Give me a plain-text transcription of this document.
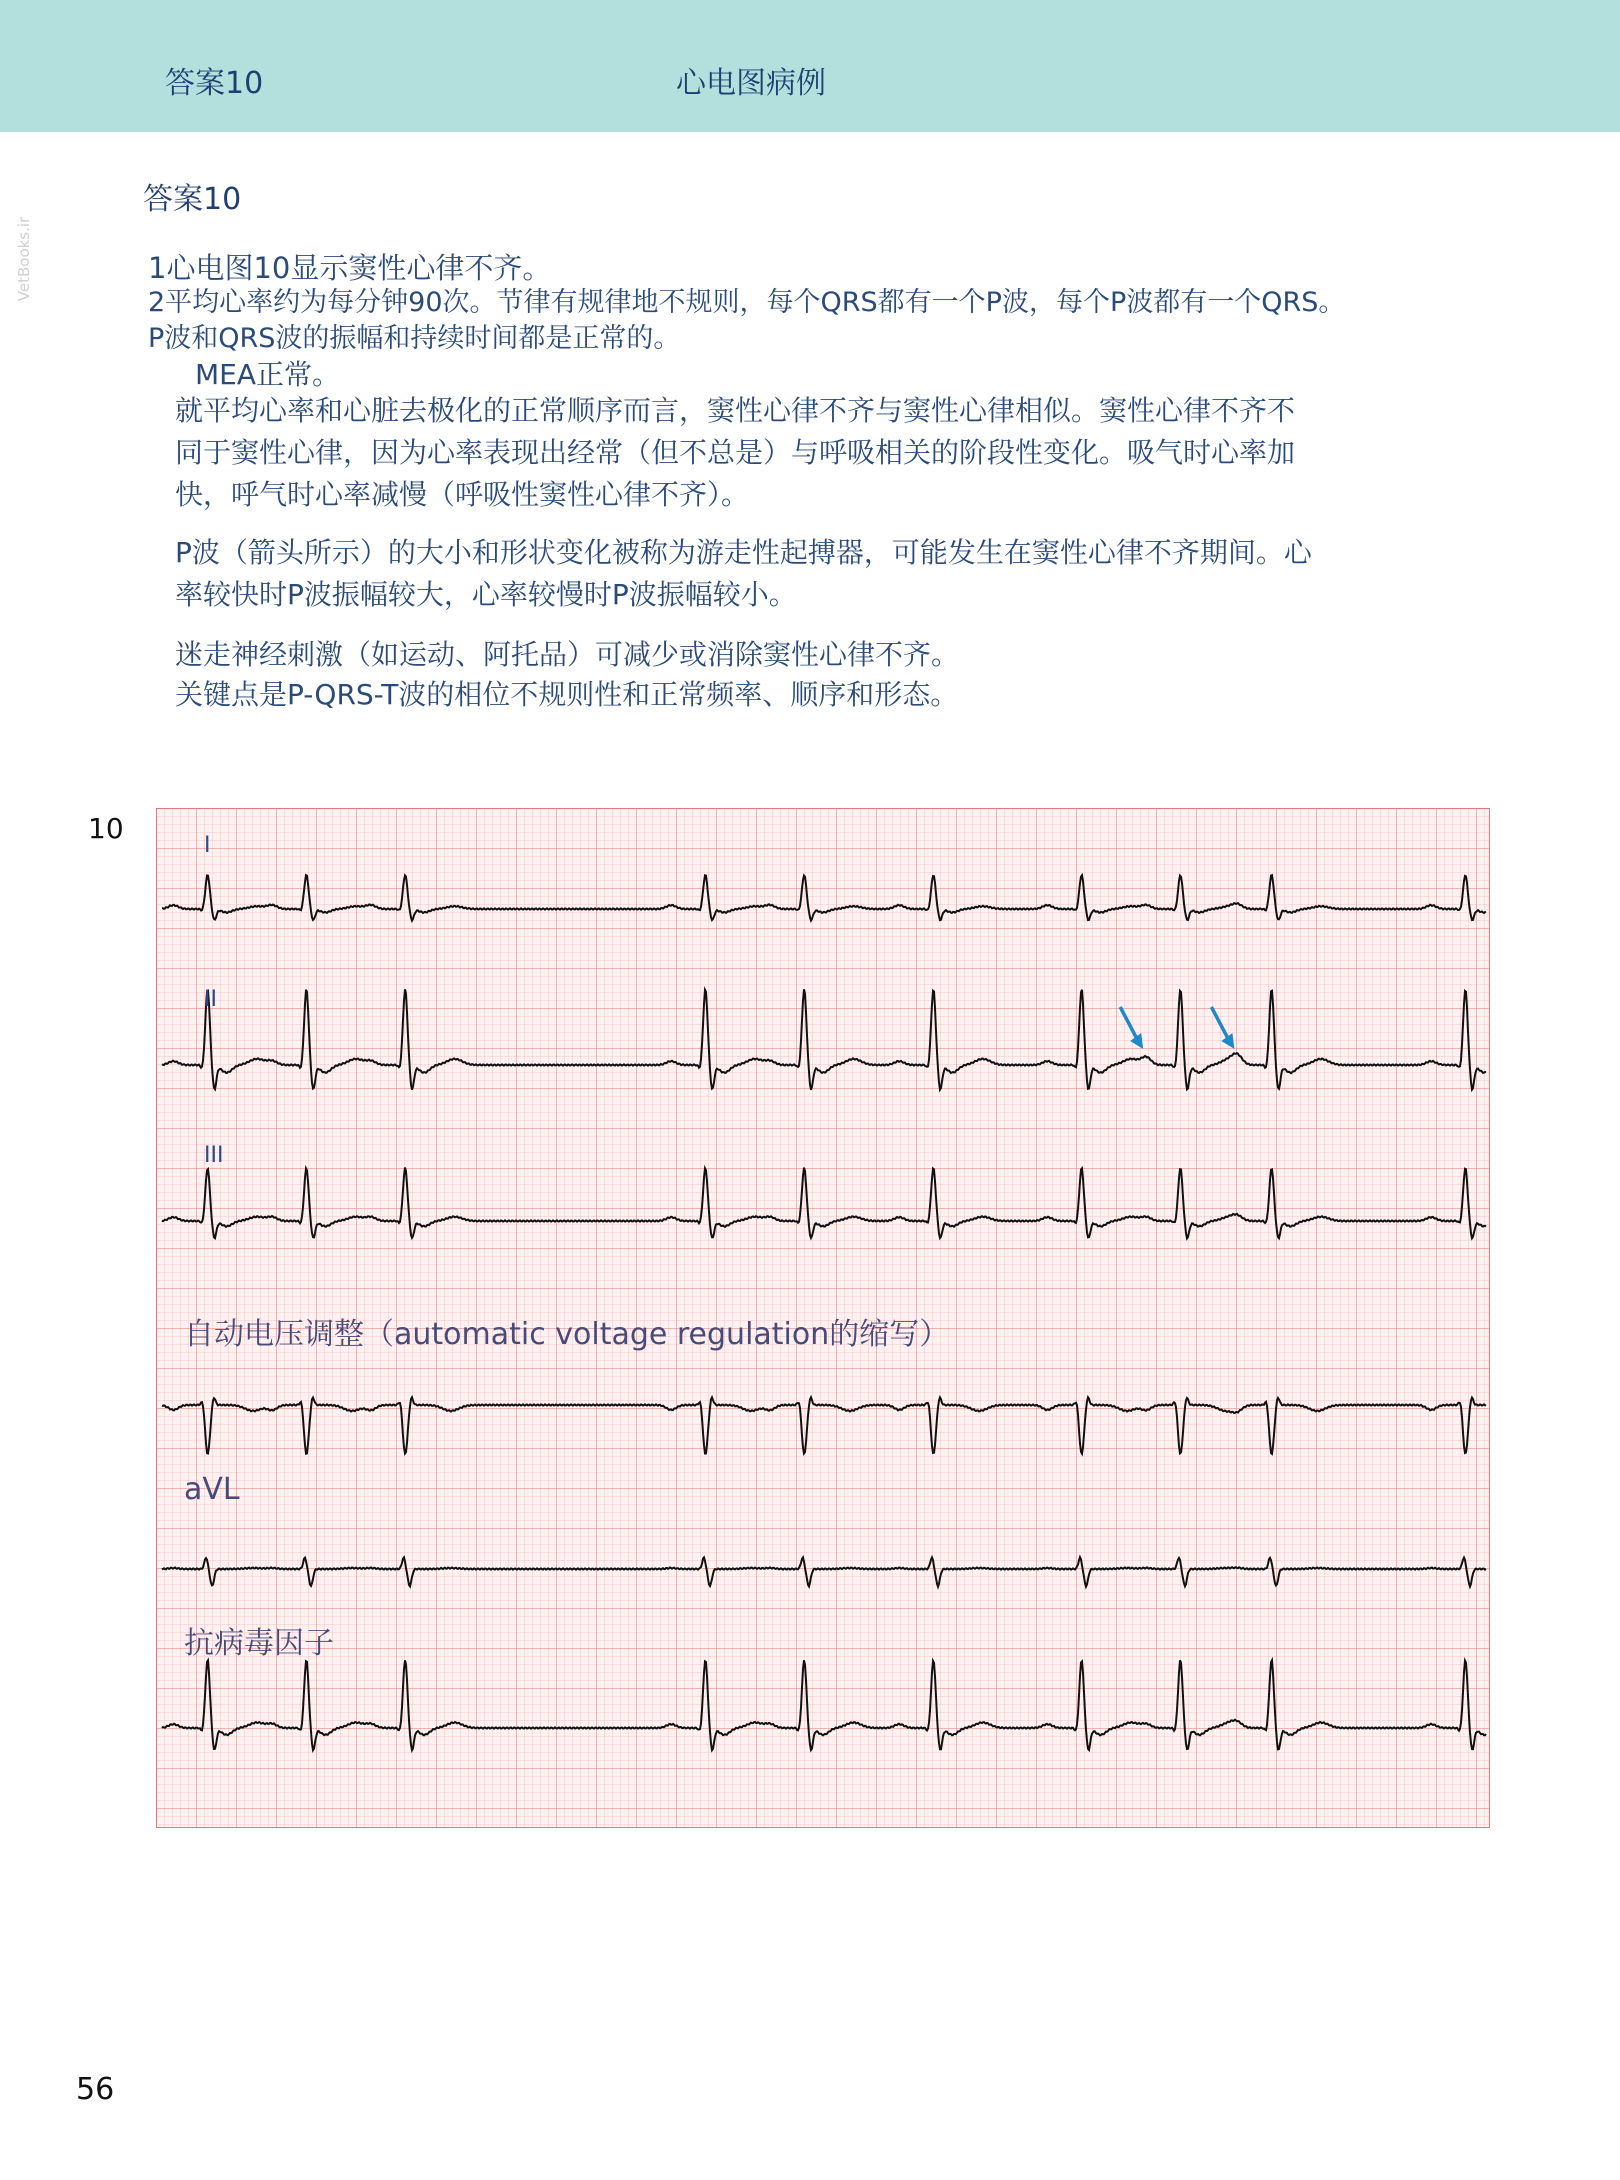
答案10	心电图病例
VetBooks.ir
答案10
1心电图10显示窦性心律不齐。
2平均心率约为每分钟90次。节律有规律地不规则，每个QRS都有一个P波，每个P波都有一个QRS。
P波和QRS波的振幅和持续时间都是正常的。
MEA正常。
就平均心率和心脏去极化的正常顺序而言，窦性心律不齐与窦性心律相似。窦性心律不齐不
同于窦性心律，因为心率表现出经常（但不总是）与呼吸相关的阶段性变化。吸气时心率加
快，呼气时心率减慢（呼吸性窦性心律不齐）。
P波（箭头所示）的大小和形状变化被称为游走性起搏器，可能发生在窦性心律不齐期间。心
率较快时P波振幅较大，心率较慢时P波振幅较小。
迷走神经刺激（如运动、阿托品）可减少或消除窦性心律不齐。
关键点是P-QRS-T波的相位不规则性和正常频率、顺序和形态。
10
I
II
III
自动电压调整（automatic voltage regulation的缩写）
aVL
抗病毒因子
56
